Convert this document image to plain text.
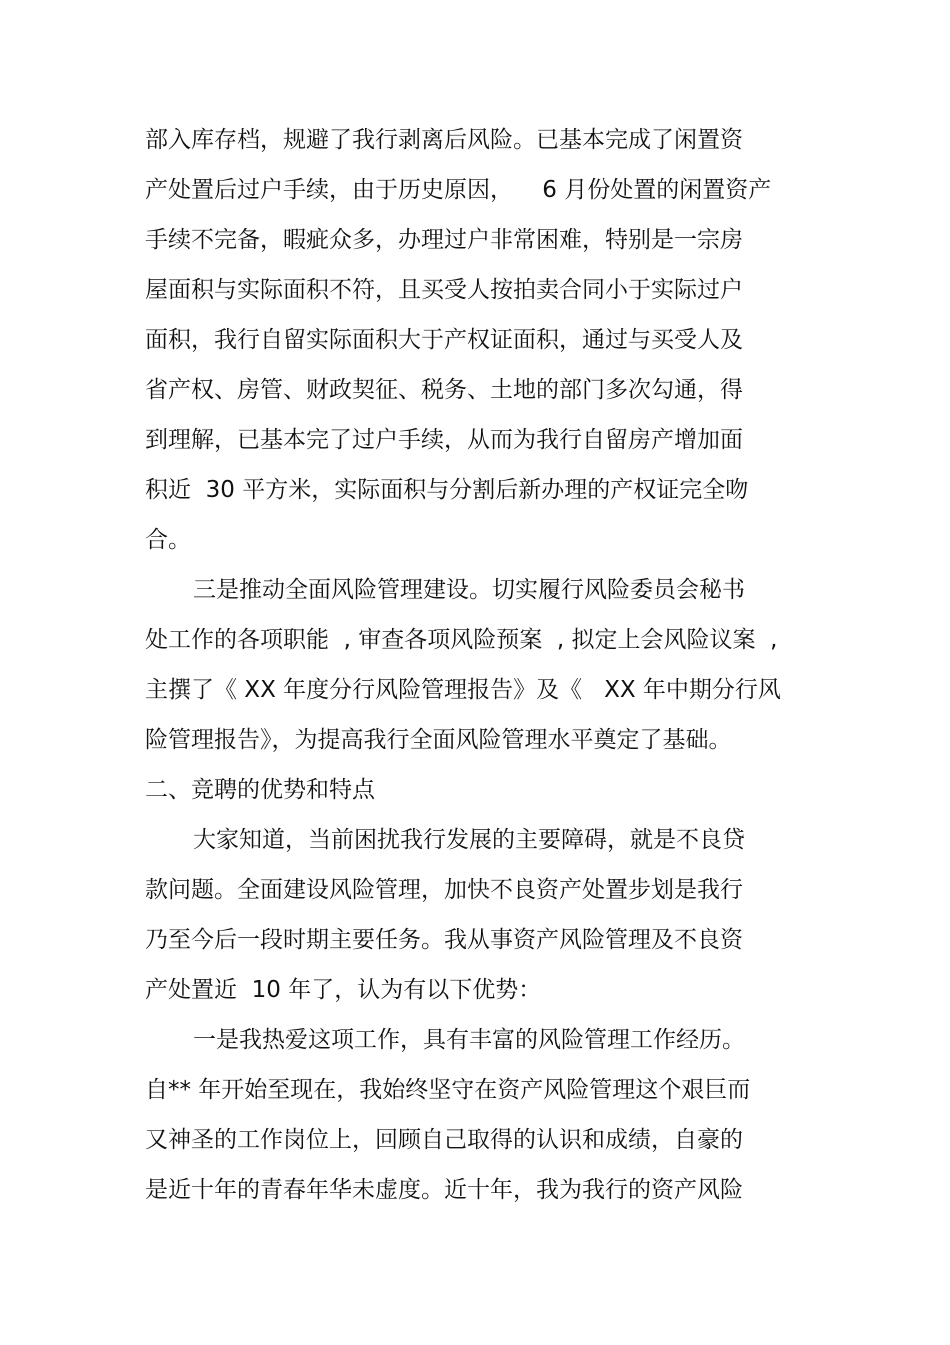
部入库存档，规避了我行剥离后风险。已基本完成了闲置资
产处置后过户手续，由于历史原因，    6 月份处置的闲置资产
手续不完备，暇疵众多，办理过户非常困难，特别是一宗房
屋面积与实际面积不符，且买受人按拍卖合同小于实际过户
面积，我行自留实际面积大于产权证面积，通过与买受人及
省产权、房管、财政契征、税务、土地的部门多次勾通，得
到理解，已基本完了过户手续，从而为我行自留房产增加面
积近  30 平方米，实际面积与分割后新办理的产权证完全吻
合。
三是推动全面风险管理建设。切实履行风险委员会秘书
处工作的各项职能  , 审查各项风险预案  , 拟定上会风险议案  ,
主撰了《 XX 年度分行风险管理报告》及《   XX 年中期分行风
险管理报告》，为提高我行全面风险管理水平奠定了基础。
二、竞聘的优势和特点
大家知道，当前困扰我行发展的主要障碍，就是不良贷
款问题。全面建设风险管理，加快不良资产处置步划是我行
乃至今后一段时期主要任务。我从事资产风险管理及不良资
产处置近  10 年了，认为有以下优势：
一是我热爱这项工作，具有丰富的风险管理工作经历。
自** 年开始至现在，我始终坚守在资产风险管理这个艰巨而
又神圣的工作岗位上，回顾自己取得的认识和成绩，自豪的
是近十年的青春年华未虚度。近十年，我为我行的资产风险
